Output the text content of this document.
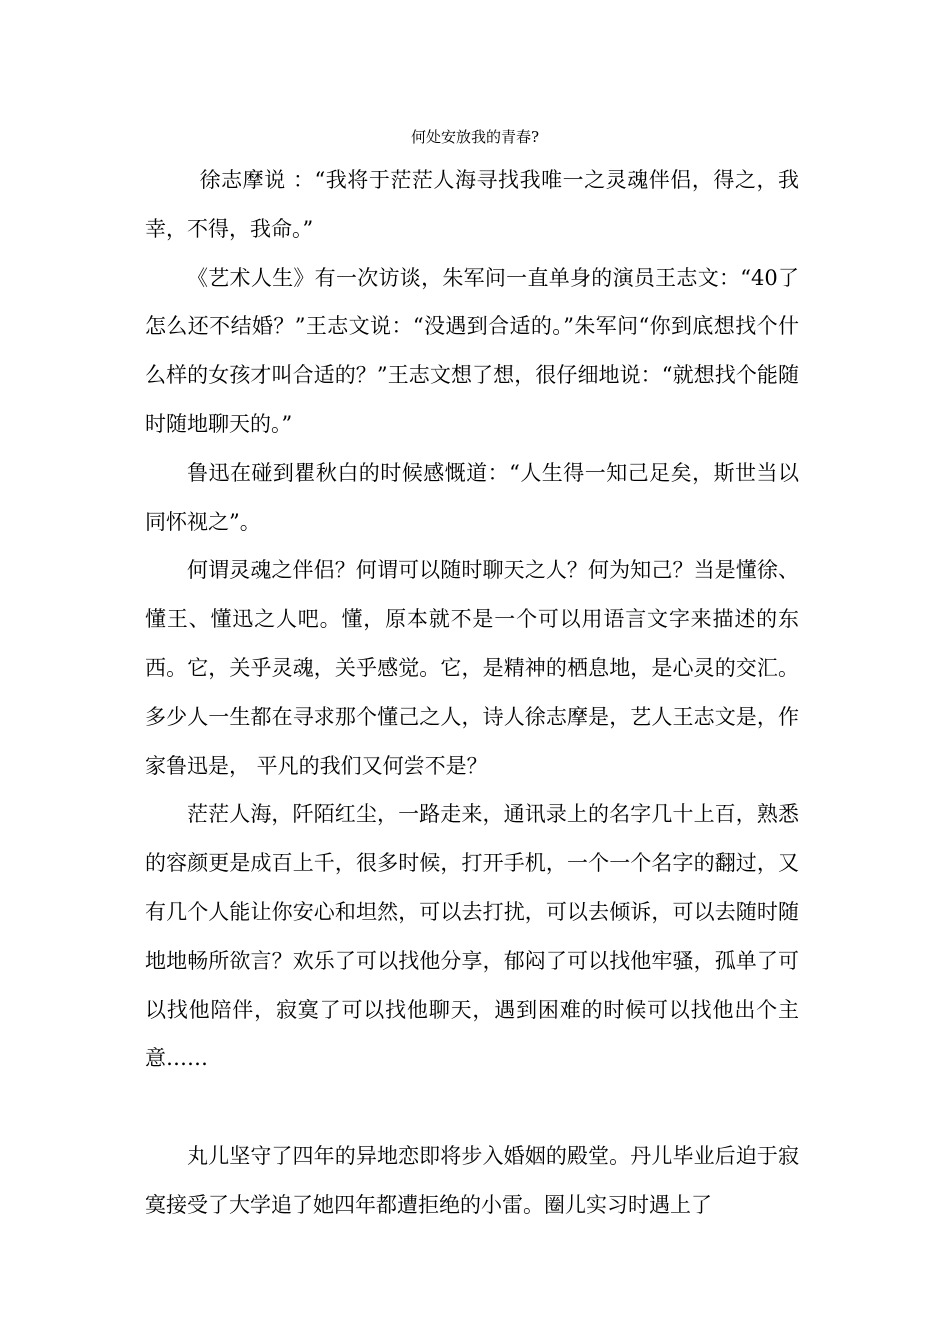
何处安放我的青春?

徐志摩说 ：“我将于茫茫人海寻找我唯一之灵魂伴侣，得之，我幸，不得，我命。”

《艺术人生》有一次访谈，朱军问一直单身的演员王志文：“40了怎么还不结婚？”王志文说：“没遇到合适的。”朱军问“你到底想找个什么样的女孩才叫合适的？”王志文想了想，很仔细地说：“就想找个能随时随地聊天的。”

鲁迅在碰到瞿秋白的时候感慨道：“人生得一知己足矣，斯世当以同怀视之”。

何谓灵魂之伴侣？何谓可以随时聊天之人？何为知己？当是懂徐、懂王、懂迅之人吧。懂，原本就不是一个可以用语言文字来描述的东西。它，关乎灵魂，关乎感觉。它，是精神的栖息地，是心灵的交汇。多少人一生都在寻求那个懂己之人，诗人徐志摩是，艺人王志文是，作家鲁迅是， 平凡的我们又何尝不是？

茫茫人海，阡陌红尘，一路走来，通讯录上的名字几十上百，熟悉的容颜更是成百上千，很多时候，打开手机，一个一个名字的翻过，又有几个人能让你安心和坦然，可以去打扰，可以去倾诉，可以去随时随地地畅所欲言？欢乐了可以找他分享，郁闷了可以找他牢骚，孤单了可以找他陪伴，寂寞了可以找他聊天，遇到困难的时候可以找他出个主意……

丸儿坚守了四年的异地恋即将步入婚姻的殿堂。丹儿毕业后迫于寂寞接受了大学追了她四年都遭拒绝的小雷。圈儿实习时遇上了
